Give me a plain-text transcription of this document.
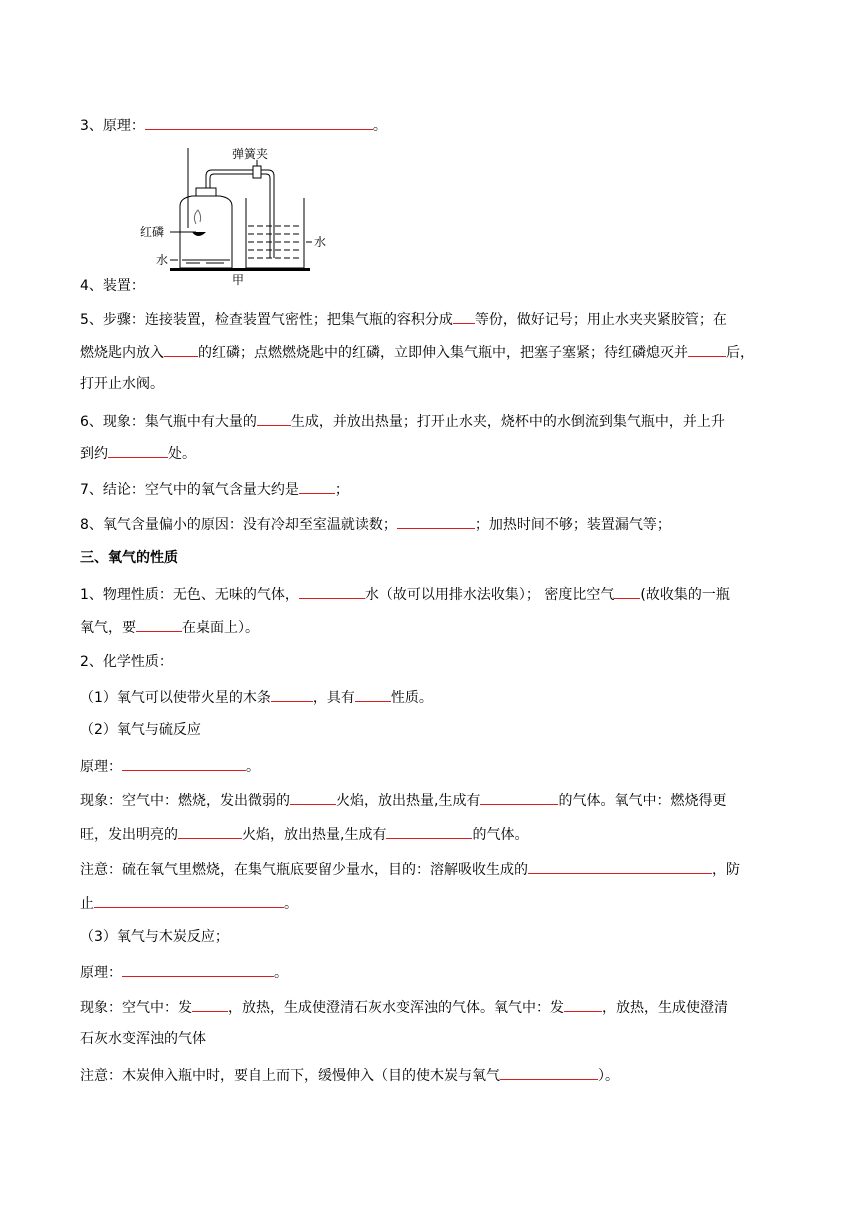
3、原理：	。
弹簧夹
红磷
水
水
甲
4、装置：
5、步骤：连接装置，检查装置气密性；把集气瓶的容积分成 等份，做好记号；用止水夹夹紧胶管；在
燃烧匙内放入 的红磷；点燃燃烧匙中的红磷，立即伸入集气瓶中，把塞子塞紧；待红磷熄灭并	后，
打开止水阀。
6、现象：集气瓶中有大量的 生成，并放出热量；打开止水夹，烧杯中的水倒流到集气瓶中，并上升
到约	处。
7、结论：空气中的氧气含量大约是	；
8、氧气含量偏小的原因：没有冷却至室温就读数；	；加热时间不够；装置漏气等；
三、氧气的性质
1、物理性质：无色、无味的气体，	水（故可以用排水法收集）； 密度比空气 (故收集的一瓶
氧气，要	在桌面上）。
2、化学性质：
（1）氧气可以使带火星的木条	，具有	性质。
（2）氧气与硫反应
原理：	。
现象：空气中：燃烧，发出微弱的	火焰，放出热量,生成有	的气体。氧气中：燃烧得更
旺，发出明亮的	火焰，放出热量,生成有	的气体。
注意：硫在氧气里燃烧，在集气瓶底要留少量水，目的：溶解吸收生成的	，防
止	。
（3）氧气与木炭反应；
原理：	。
现象：空气中：发	，放热，生成使澄清石灰水变浑浊的气体。氧气中：发	，放热，生成使澄清
石灰水变浑浊的气体
注意：木炭伸入瓶中时，要自上而下，缓慢伸入（目的使木炭与氧气	）。
